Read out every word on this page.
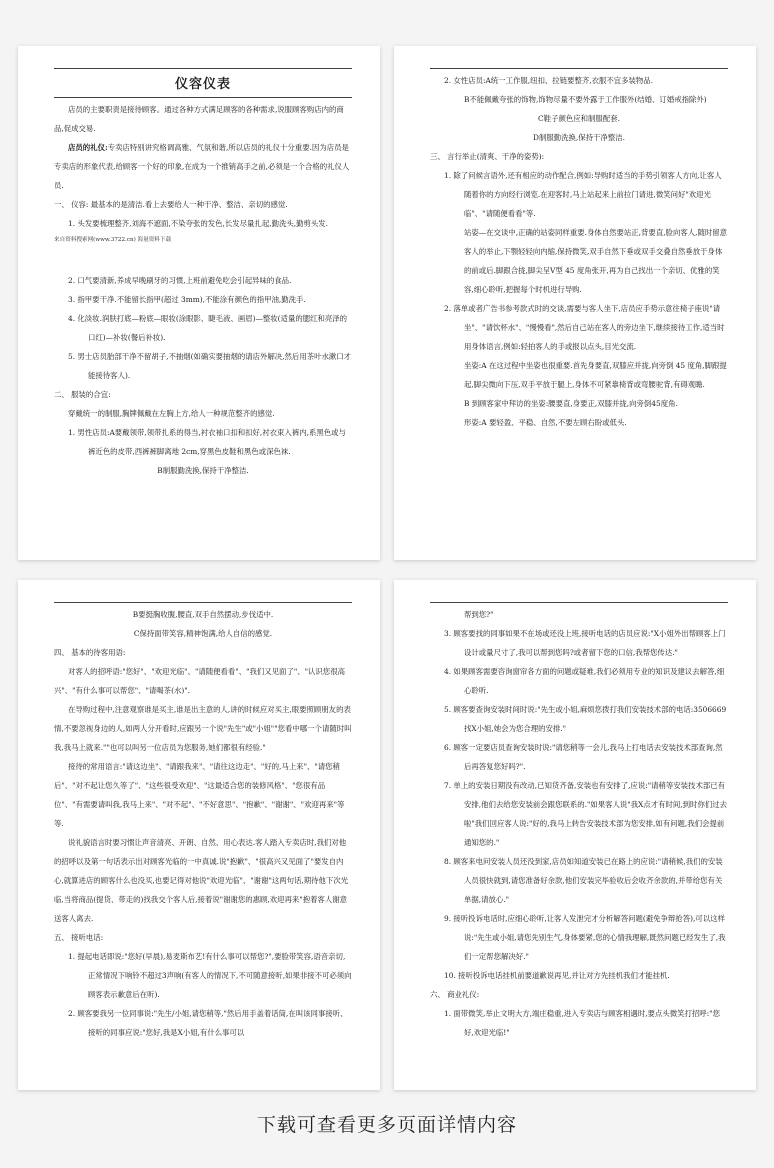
仪容仪表

店员的主要职责是接待顾客。通过各种方式满足顾客的各种需求,说服顾客购店内的商品,促成交易.

店员的礼仪:专卖店特别讲究格调高雅、气氛和谐,所以店员的礼仪十分重要.因为店员是专卖店的形象代表,给顾客一个好的印象,在成为一个推销高手之前,必须是一个合格的礼仪人员.

一、 仪容: 最基本的是清洁.看上去要给人一种干净、整洁、亲切的感觉.

1. 头发要梳理整齐,刘海不遮面,不染夸张的发色,长发尽量扎起,勤洗头,勤剪头发.

来自资料搜索网(www.3722.cn) 海量资料下载

2. 口气要清新,养成早晚刷牙的习惯,上班前避免吃会引起异味的食品.

3. 指甲要干净.不能留长指甲(超过 3mm),不能涂有颜色的指甲油,勤洗手.

4. 化淡妆.润肤打底—粉底—眼妆(涂眼影、睫毛液、画眉)—整妆(适量的腮红和亮泽的口红)—补妆(餐后补妆).

5. 男士店员胎部干净不留胡子,不抽烟(如确实要抽烟的请店外解决,然后用茶叶水漱口才能接待客人).

二、 服装的合宜:

穿戴统一的制服,胸牌佩戴在左胸上方,给人一种规范整齐的感觉.

1. 男性店员:A要戴领带,领带扎系的得当,衬衣袖口扣和扣好,衬衣束入裤内,系黑色或与裤近色的皮带,西裤裤脚离地 2cm,穿黑色皮鞋和黑色或深色袜.

B制服勤洗换,保持干净整洁.

2. 女性店员:A统一工作服,纽扣、拉链要整齐,衣服不宜多装物品.

B不能佩戴夸张的饰物,饰物尽量不要外露于工作服外(结婚、订婚戒指除外)

C鞋子颜色应和制服配套.

D制服勤洗换,保持干净整洁.

三、 言行举止(清爽、干净的姿势):

1. 除了问候言语外,还有相应的动作配合,例如:导购时适当的手势引领客人方向,让客人随着你的方向经行浏览.在迎客时,马上站起来上前拉门请进,微笑问好"欢迎光临"、"请随便看看"等.

站姿—在交谈中,正确的站姿同样重要.身体自然要站正,背要直,脸向客人,随时留意客人的举止,下颚轻轻向内缩,保持微笑,双手自然下垂或双手交叠自然垂放于身体的前或后.脚跟合拢,脚尖呈V型 45 度角张开,再为自己找出一个亲切、优雅的笑容,细心聆听,把握每个时机进行导购.

2. 落单或者广告书参考款式时的交谈,需要与客人坐下,店员应手势示意往椅子座说"请坐"、"请饮杯水"、"慢慢看",然后自己站在客人的旁边坐下,继续接待工作,适当时用身体语言,例如:轻拍客人的手或报以点头,目光交流.

坐姿:A 在这过程中坐姿也很重要.首先身要直,双膝应并拢,向旁倒 45 度角,脚跟提起,脚尖微向下压,双手平放于腿上,身体不可紧靠椅背或弯腰驼背,有碍观瞻.

B 到顾客家中拜访的坐姿:腰要直,身要正,双膝并拢,向旁倒45度角.

形姿:A 要轻盈、平稳、自然,不要左顾右盼或低头.

B要挺胸收腹,腰直,双手自然摆动,步伐适中.

C保持面带笑容,精神饱满,给人自信的感觉.

四、 基本的待客用语:

对客人的招呼语:"您好"、"欢迎光临"、"请随便看看"、"我们又见面了"、"认识您很高兴"、"有什么事可以帮您"、"请喝茶(水)".

在导购过程中,注意观察谁是买主,谁是出主意的人,讲的时候应对买主,眼要照顾朋友的表情,不要忽视身边的人,如两人分开看时,应跟另一个说"先生"或"小姐""您看中哪一个请随时叫我,我马上就来.""也可以叫另一位店员为您服务,她们都很有经验."

接待的常用语言:"请这边坐"、"请跟我来"、"请往这边走"、"好的,马上来"、"请您稍后"、"对不起让您久等了"、"这些很受欢迎"、"这最适合您的装修风格"、"您很有品位"、"有需要请叫我,我马上来"、"对不起"、"不好意思"、"抱歉"、"谢谢"、"欢迎再来"等等.

说礼貌语言时要习惯让声音清亮、开朗、自然、用心表达.客人踏入专卖店时,我们对他的招呼以及第一句话表示出对顾客光临的一中真诚.说"抱歉"、"很高兴又见面了"要发自内心,就算进店的顾客什么也没买,也要记得对他说"欢迎光临"、"谢谢"这两句话,期待他下次光临,当将商品(提货、带走的)找我交个客人后,接着说"谢谢您的惠顾,欢迎再来"抱着客人谢意送客人离去.

五、 接听电话:

1. 提起电话即说:"您好(早晨),易麦斯布艺!有什么事可以帮您?",要脸带笑容,语音亲切,正常情况下响铃不超过3声响(有客人的情况下,不可随意接听,如果非接不可必须向顾客表示歉意后在听).

2. 顾客要我另一位同事说:"先生/小姐,请您稍等,"然后用手盖着话筒,在叫该同事接听、接听的同事应说:"您好,我是X小姐,有什么事可以

帮到您?"

3. 顾客要找的同事如果不在场或还没上班,接听电话的店员应说:"X小姐外出帮顾客上门设计或量尺寸了,我可以帮到您吗?或者留下您的口信,我帮您传达."

4. 如果顾客需要咨询窗帘各方面的问题或疑难,我们必须用专业的知识及建议去解答,细心聆听.

5. 顾客要查询安装时间时说:"先生或小姐,麻烦您拨打我们安装技术部的电话:3506669 找X小姐,她会为您合理的安排."

6. 顾客一定要店员查询安装时说:"请您稍等一会儿,我马上打电话去安装技术部查询,然后再答复您好吗?".

7. 单上的安装日期没有改动,已知货齐备,安装也有安排了,应说:"请稍等安装技术部已有安排,他们去给您安装前会跟您联系的."如果客人说"我X点才有时间,到时你们过去啦"我们回应客人说:"好的,我马上转告安装技术部为您安排,如有问题,我们会提前通知您的."

8. 顾客来电问安装人员还没到家,店员如知道安装已在路上的应说:"请稍候,我们的安装人员很快就到,请您准备好余款,他们安装完毕验收后会收齐余款的,并带给您有关单据,请放心."

9. 接听投诉电话时,应细心聆听,让客人发泄完才分析解答问题(避免争辩抢答),可以这样说:"先生或小姐,请您先别生气,身体要紧,您的心情我理解,既然问题已经发生了,我们一定帮您解决好."

10. 接听投诉电话挂机前要道歉说再见,并让对方先挂机我们才能挂机.

六、 商业礼仪:

1. 面带微笑,举止文明大方,端庄稳重,进入专卖店与顾客相遇时,要点头微笑打招呼:"您好,欢迎光临!"

下载可查看更多页面详情内容
